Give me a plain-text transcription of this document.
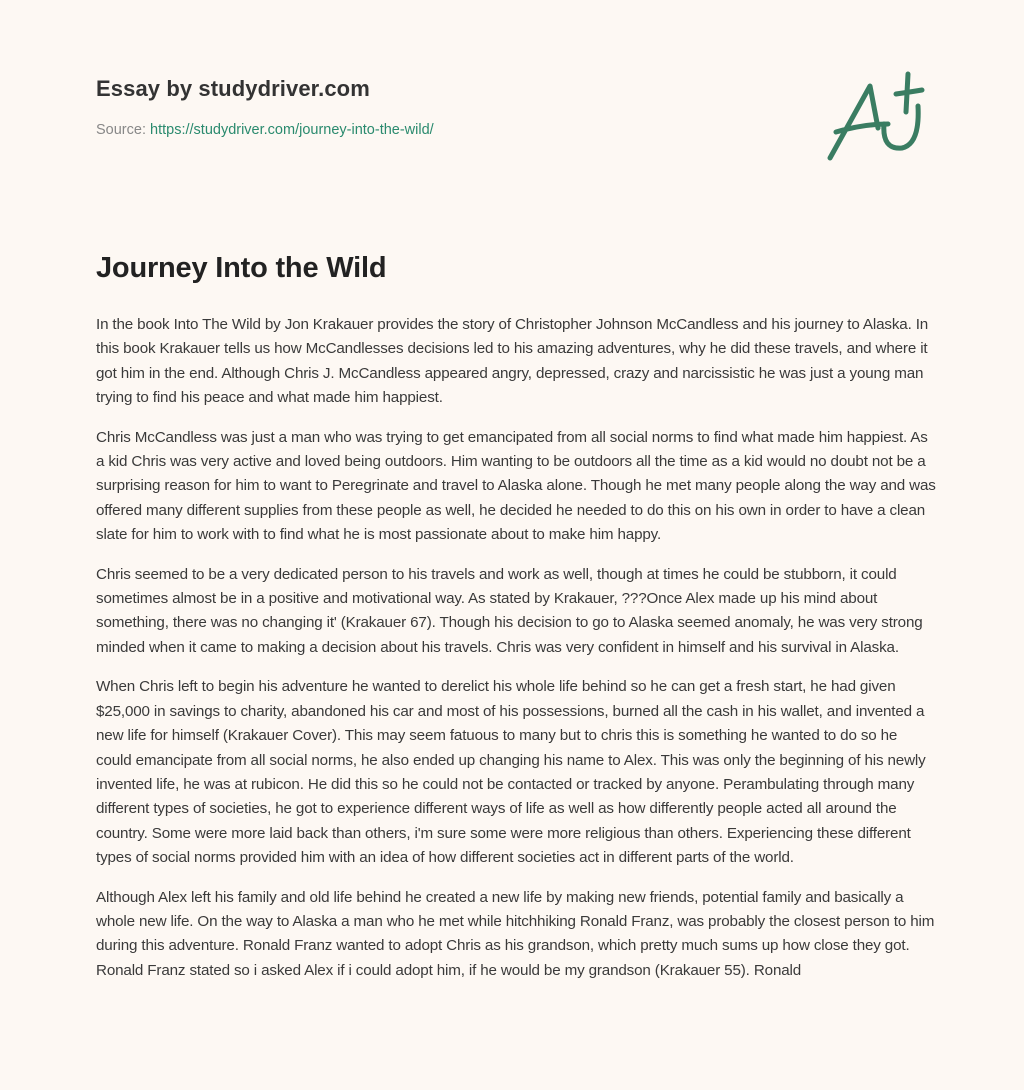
Essay by studydriver.com
Source: https://studydriver.com/journey-into-the-wild/
Journey Into the Wild

In the book Into The Wild by Jon Krakauer provides the story of Christopher Johnson McCandless and his journey to Alaska. In this book Krakauer tells us how McCandlesses decisions led to his amazing adventures, why he did these travels, and where it got him in the end. Although Chris J. McCandless appeared angry, depressed, crazy and narcissistic he was just a young man trying to find his peace and what made him happiest.

Chris McCandless was just a man who was trying to get emancipated from all social norms to find what made him happiest. As a kid Chris was very active and loved being outdoors. Him wanting to be outdoors all the time as a kid would no doubt not be a surprising reason for him to want to Peregrinate and travel to Alaska alone. Though he met many people along the way and was offered many different supplies from these people as well, he decided he needed to do this on his own in order to have a clean slate for him to work with to find what he is most passionate about to make him happy.

Chris seemed to be a very dedicated person to his travels and work as well, though at times he could be stubborn, it could sometimes almost be in a positive and motivational way. As stated by Krakauer, ???Once Alex made up his mind about something, there was no changing it' (Krakauer 67). Though his decision to go to Alaska seemed anomaly, he was very strong minded when it came to making a decision about his travels. Chris was very confident in himself and his survival in Alaska.

When Chris left to begin his adventure he wanted to derelict his whole life behind so he can get a fresh start, he had given $25,000 in savings to charity, abandoned his car and most of his possessions, burned all the cash in his wallet, and invented a new life for himself (Krakauer Cover). This may seem fatuous to many but to chris this is something he wanted to do so he could emancipate from all social norms, he also ended up changing his name to Alex. This was only the beginning of his newly invented life, he was at rubicon. He did this so he could not be contacted or tracked by anyone. Perambulating through many different types of societies, he got to experience different ways of life as well as how differently people acted all around the country. Some were more laid back than others, i'm sure some were more religious than others. Experiencing these different types of social norms provided him with an idea of how different societies act in different parts of the world.

Although Alex left his family and old life behind he created a new life by making new friends, potential family and basically a whole new life. On the way to Alaska a man who he met while hitchhiking Ronald Franz, was probably the closest person to him during this adventure. Ronald Franz wanted to adopt Chris as his grandson, which pretty much sums up how close they got. Ronald Franz stated so i asked Alex if i could adopt him, if he would be my grandson (Krakauer 55). Ronald
